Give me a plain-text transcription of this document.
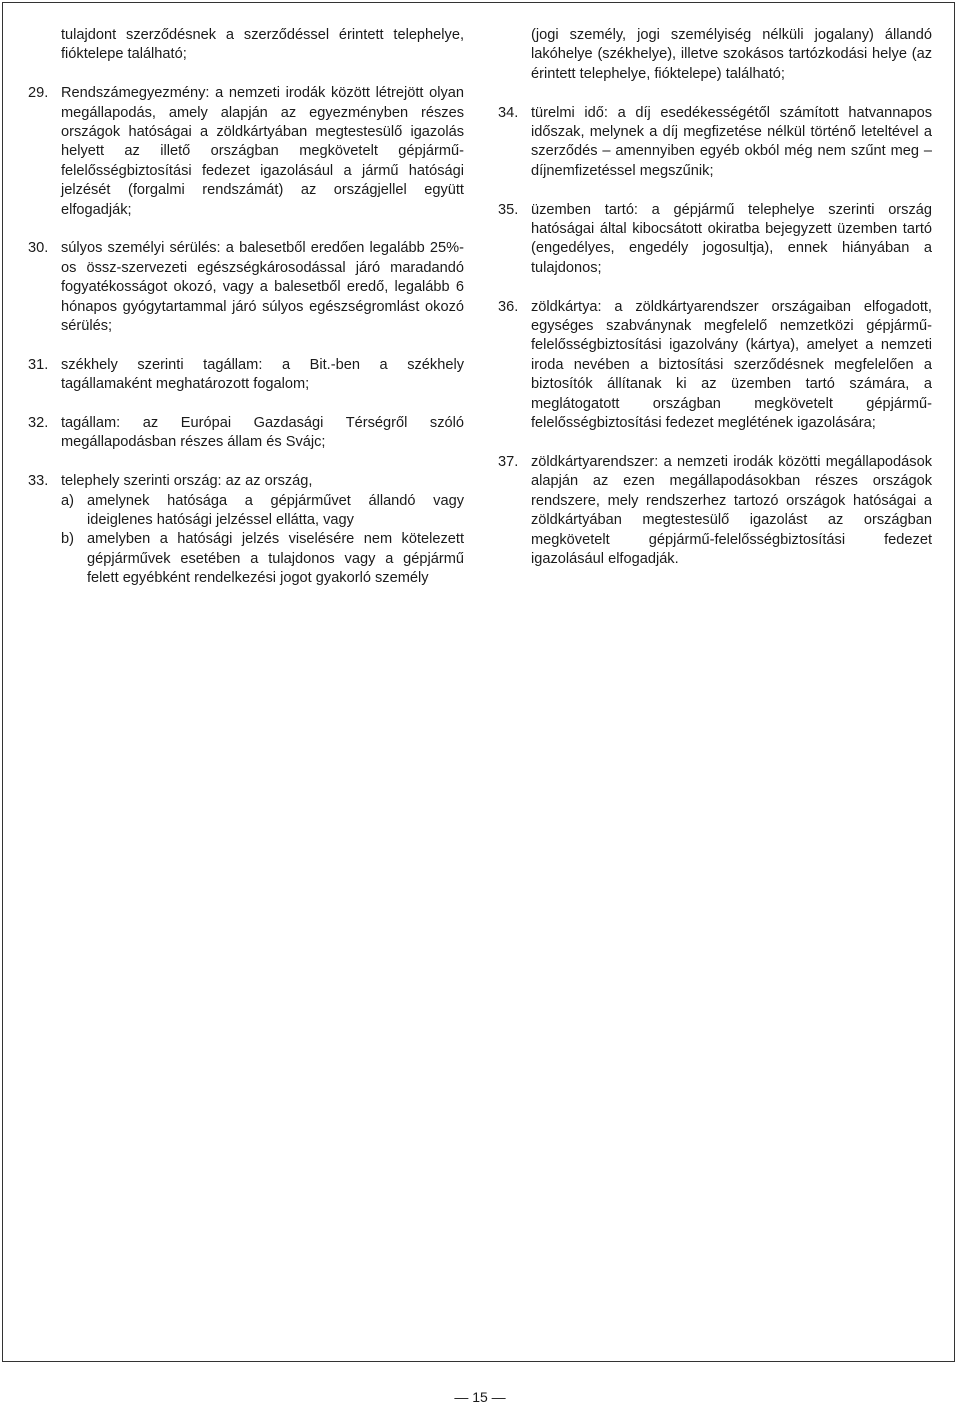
tulajdont szerződésnek a szerződéssel érintett telephelye, fióktelepe található;
29. Rendszámegyezmény: a nemzeti irodák között létrejött olyan megállapodás, amely alapján az egyezményben részes országok hatóságai a zöldkártyában megtestesülő igazolás helyett az illető országban megkövetelt gépjármű-felelősségbiztosítási fedezet igazolásául a jármű hatósági jelzését (forgalmi rendszámát) az országjellel együtt elfogadják;
30. súlyos személyi sérülés: a balesetből eredően legalább 25%-os össz-szervezeti egészségkárosodással járó maradandó fogyatékosságot okozó, vagy a balesetből eredő, legalább 6 hónapos gyógytartammal járó súlyos egészségromlást okozó sérülés;
31. székhely szerinti tagállam: a Bit.-ben a székhely tagállamaként meghatározott fogalom;
32. tagállam: az Európai Gazdasági Térségről szóló megállapodásban részes állam és Svájc;
33. telephely szerinti ország: az az ország,
a) amelynek hatósága a gépjárművet állandó vagy ideiglenes hatósági jelzéssel ellátta, vagy
b) amelyben a hatósági jelzés viselésére nem kötelezett gépjárművek esetében a tulajdonos vagy a gépjármű felett egyébként rendelkezési jogot gyakorló személy
(jogi személy, jogi személyiség nélküli jogalany) állandó lakóhelye (székhelye), illetve szokásos tartózkodási helye (az érintett telephelye, fióktelepe) található;
34. türelmi idő: a díj esedékességétől számított hatvannapos időszak, melynek a díj megfizetése nélkül történő leteltével a szerződés – amennyiben egyéb okból még nem szűnt meg – díjnemfizetéssel megszűnik;
35. üzemben tartó: a gépjármű telephelye szerinti ország hatóságai által kibocsátott okiratba bejegyzett üzemben tartó (engedélyes, engedély jogosultja), ennek hiányában a tulajdonos;
36. zöldkártya: a zöldkártyarendszer országaiban elfogadott, egységes szabványnak megfelelő nemzetközi gépjármű-felelősségbiztosítási igazolvány (kártya), amelyet a nemzeti iroda nevében a biztosítási szerződésnek megfelelően a biztosítók állítanak ki az üzemben tartó számára, a meglátogatott országban megkövetelt gépjármű-felelősségbiztosítási fedezet meglétének igazolására;
37. zöldkártyarendszer: a nemzeti irodák közötti megállapodások alapján az ezen megállapodásokban részes országok rendszere, mely rendszerhez tartozó országok hatóságai a zöldkártyában megtestesülő igazolást az országban megkövetelt gépjármű-felelősségbiztosítási fedezet igazolásául elfogadják.
— 15 —
